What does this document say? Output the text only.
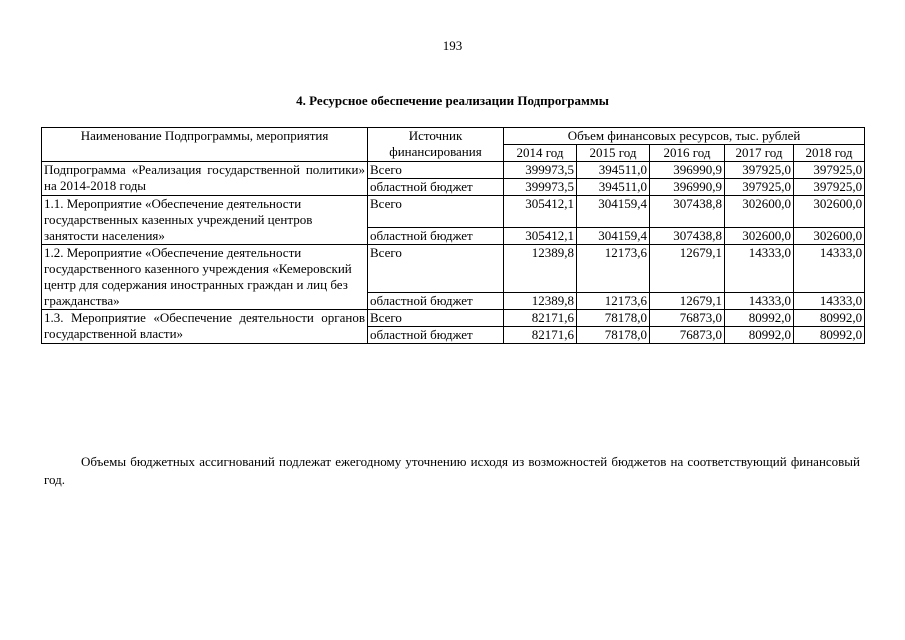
193
4. Ресурсное обеспечение реализации Подпрограммы
Наименование Подпрограммы, мероприятия	Источник финансирования	Объем финансовых ресурсов, тыс. рублей				
		2014 год	2015 год	2016 год	2017 год	2018 год
Подпрограмма «Реализация государственной политики» на 2014-2018 годы	Всего	399973,5	394511,0	396990,9	397925,0	397925,0
	областной бюджет	399973,5	394511,0	396990,9	397925,0	397925,0
1.1. Мероприятие «Обеспечение деятельности государственных казенных учреждений центров занятости населения»	Всего	305412,1	304159,4	307438,8	302600,0	302600,0
	областной бюджет	305412,1	304159,4	307438,8	302600,0	302600,0
1.2. Мероприятие «Обеспечение деятельности государственного казенного учреждения «Кемеровский центр для содержания иностранных граждан и лиц без гражданства»	Всего	12389,8	12173,6	12679,1	14333,0	14333,0
	областной бюджет	12389,8	12173,6	12679,1	14333,0	14333,0
1.3. Мероприятие «Обеспечение деятельности органов государственной власти»	Всего	82171,6	78178,0	76873,0	80992,0	80992,0
	областной бюджет	82171,6	78178,0	76873,0	80992,0	80992,0

Объемы бюджетных ассигнований подлежат ежегодному уточнению исходя из возможностей бюджетов на соответствующий финансовый год.
